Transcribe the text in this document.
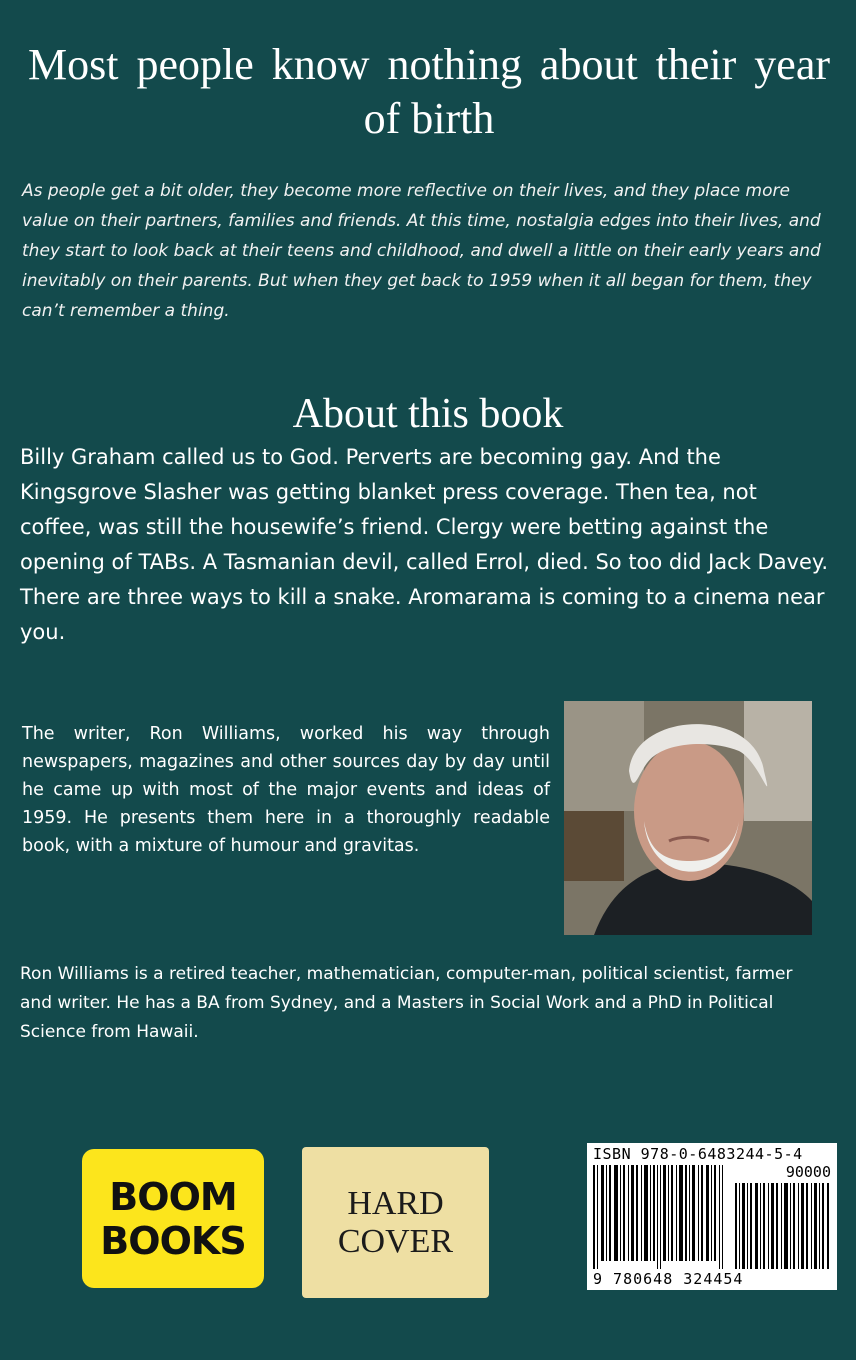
Most people know nothing about their year of birth

As people get a bit older, they become more reflective on their lives, and they place more value on their partners, families and friends. At this time, nostalgia edges into their lives, and they start to look back at their teens and childhood, and dwell a little on their early years and inevitably on their parents. But when they get back to 1959 when it all began for them, they can’t remember a thing.

About this book

Billy Graham called us to God. Perverts are becoming gay. And the Kingsgrove Slasher was getting blanket press coverage. Then tea, not coffee, was still the housewife’s friend. Clergy were betting against the opening of TABs. A Tasmanian devil, called Errol, died. So too did Jack Davey. There are three ways to kill a snake. Aromarama is coming to a cinema near you.

The writer, Ron Williams, worked his way through newspapers, magazines and other sources day by day until he came up with most of the major events and ideas of 1959. He presents them here in a thoroughly readable book, with a mixture of humour and gravitas.

Ron Williams is a retired teacher, mathematician, computer-man, political scientist, farmer and writer. He has a BA from Sydney, and a Masters in Social Work and a PhD in Political Science from Hawaii.

BOOM
BOOKS
HARD
COVER
ISBN 978-0-6483244-5-4
90000
9 780648 324454
